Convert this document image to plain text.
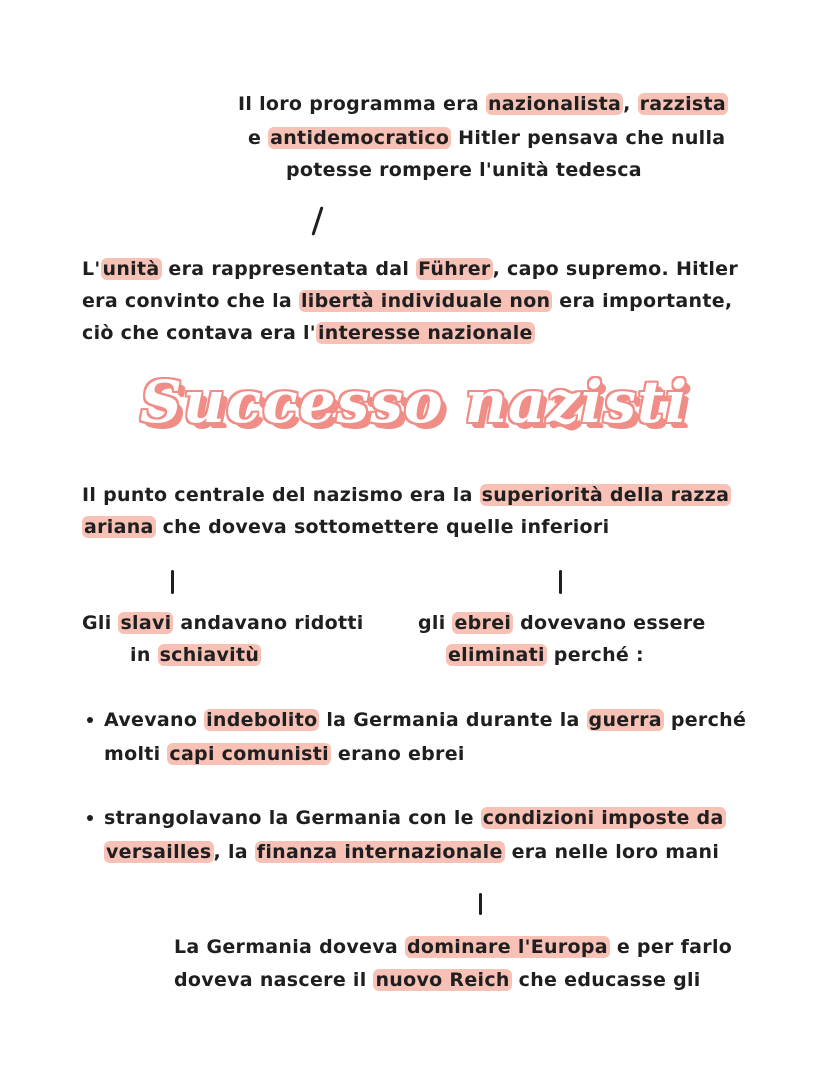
Il loro programma era nazionalista , razzista
e antidemocratico Hitler pensava che nulla
potesse rompere l'unità tedesca
L' unità era rappresentata dal Führer , capo supremo. Hitler
era convinto che la libertà individuale non era importante,
ciò che contava era l' interesse nazionale
Successo nazisti
Il punto centrale del nazismo era la superiorità della razza
ariana che doveva sottomettere quelle inferiori
Gli slavi andavano ridotti
in schiavitù
gli ebrei dovevano essere
eliminati perché :
Avevano indebolito la Germania durante la guerra perché
molti capi comunisti erano ebrei
strangolavano la Germania con le condizioni imposte da
versailles , la finanza internazionale era nelle loro mani
La Germania doveva dominare l'Europa e per farlo
doveva nascere il nuovo Reich che educasse gli
